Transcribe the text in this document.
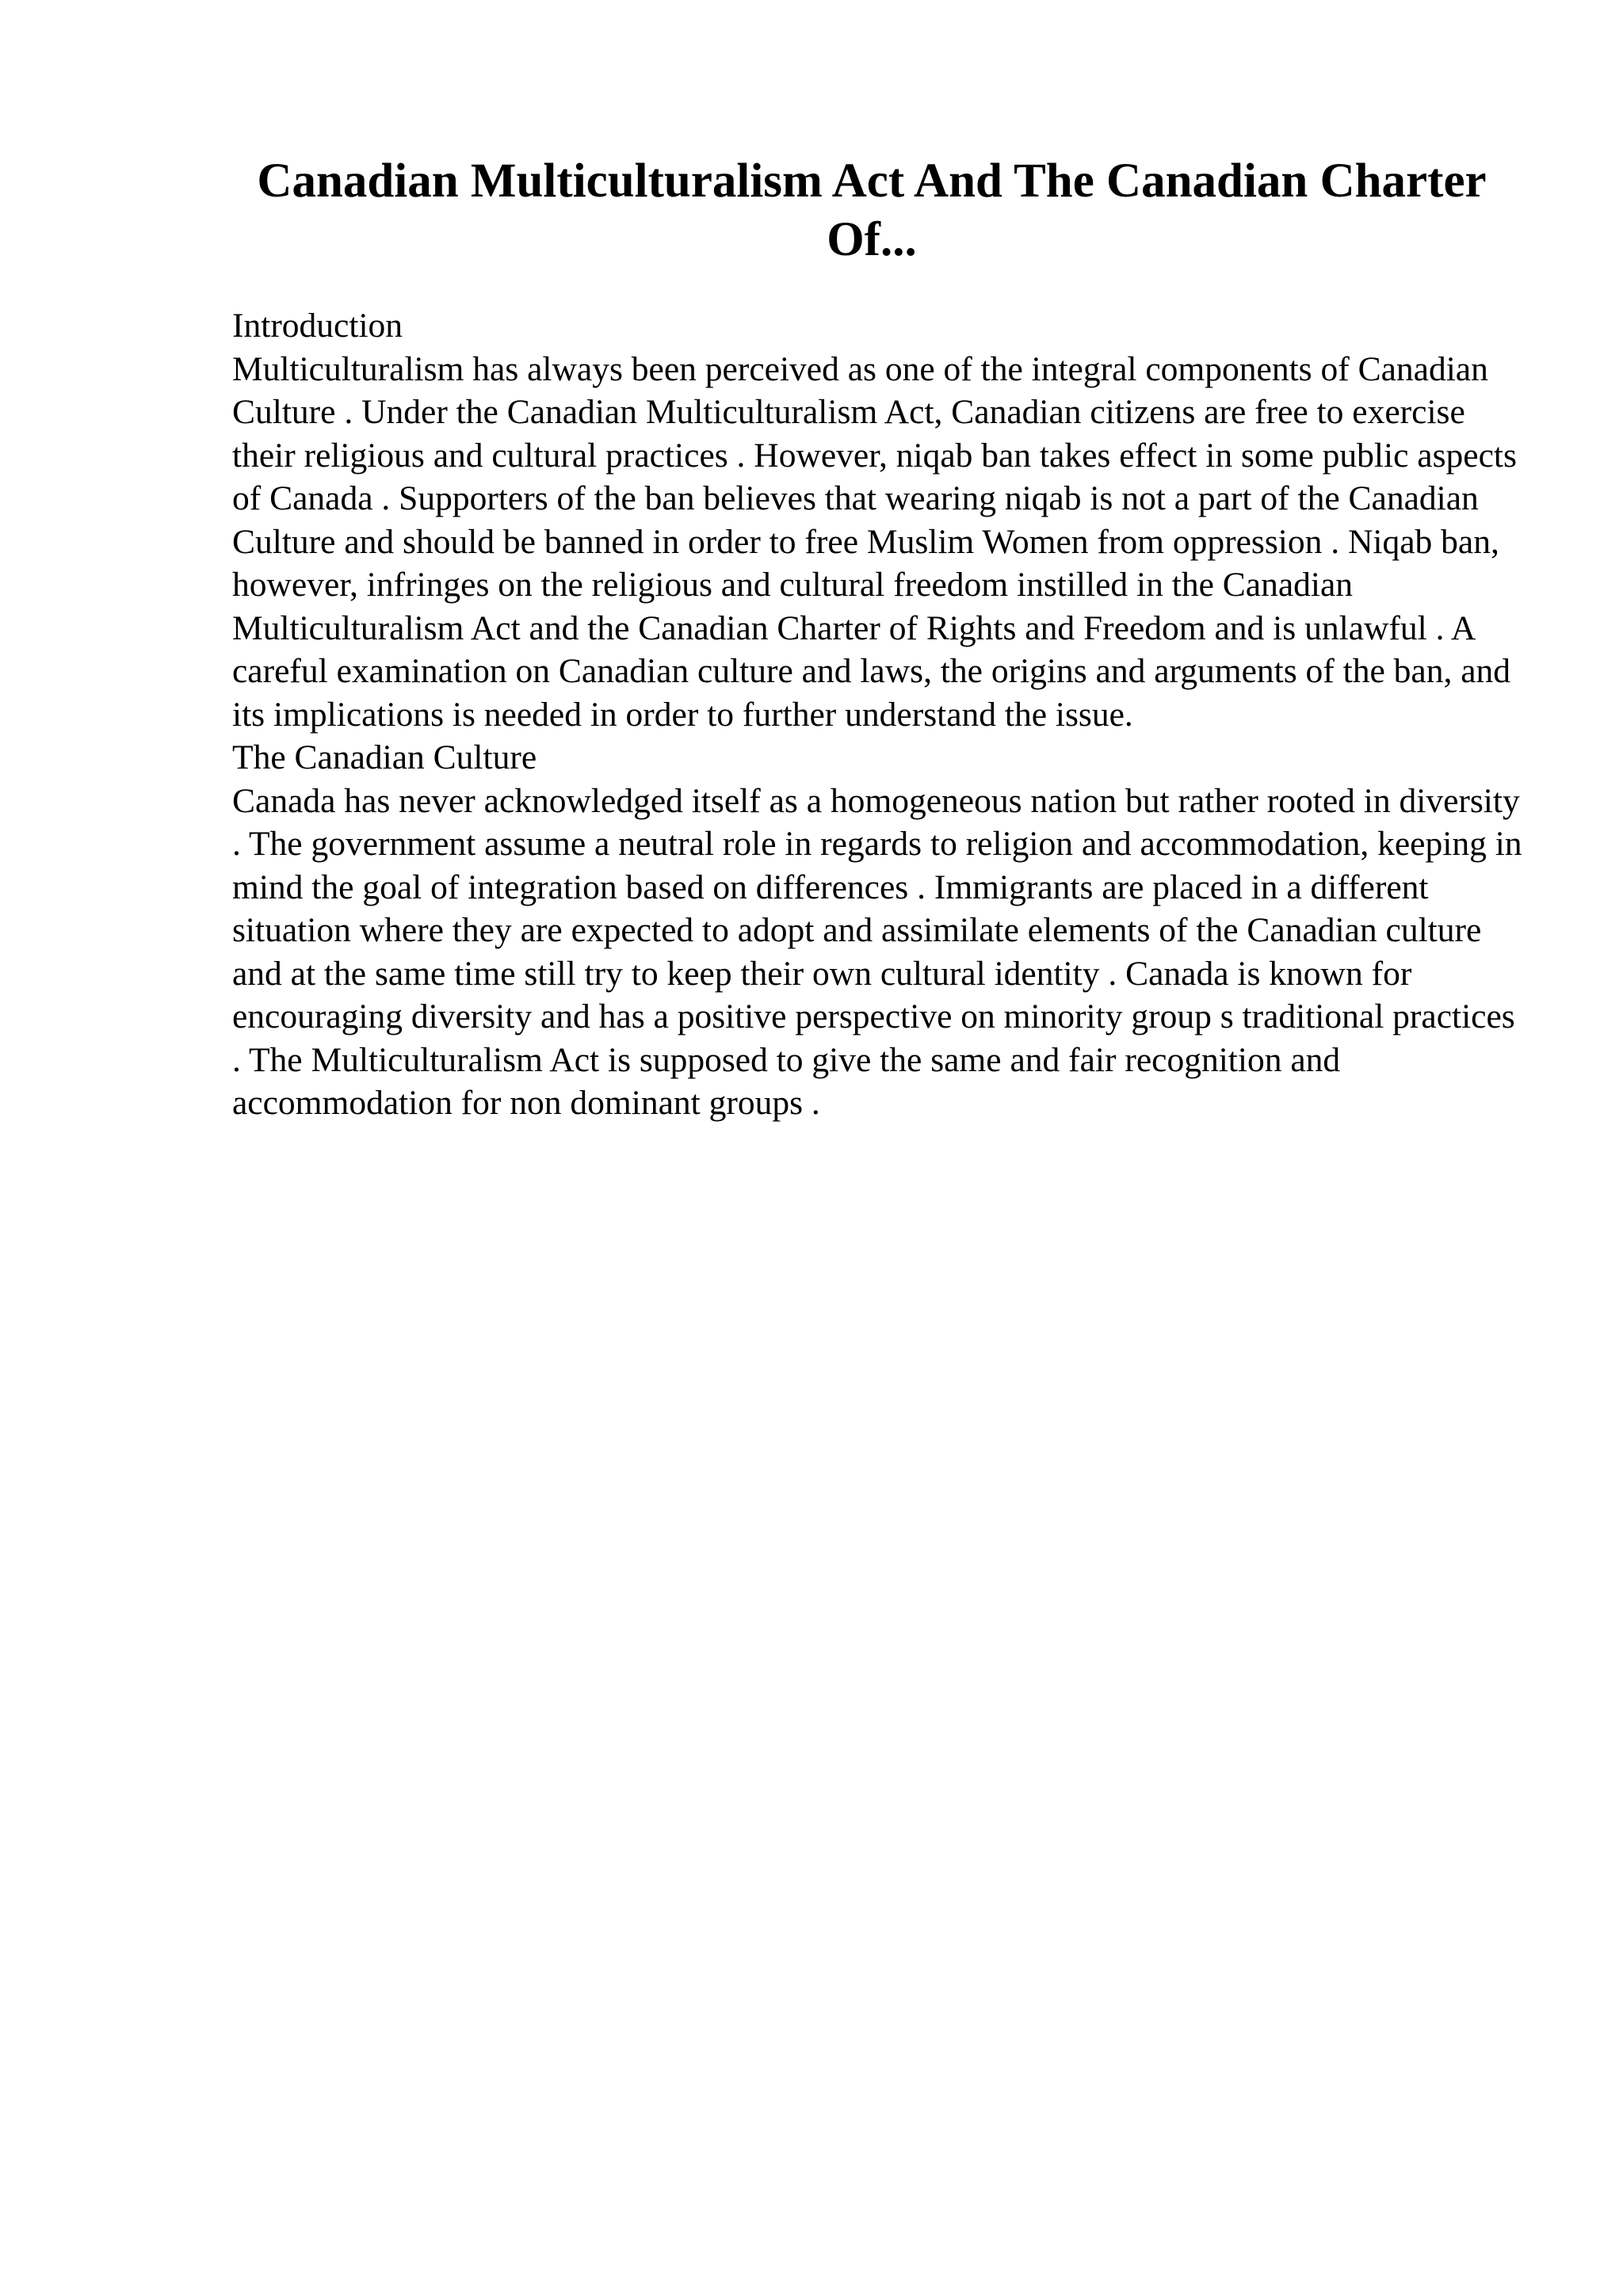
Canadian Multiculturalism Act And The Canadian Charter Of...
Introduction

Multiculturalism has always been perceived as one of the integral components of Canadian Culture . Under the Canadian Multiculturalism Act, Canadian citizens are free to exercise their religious and cultural practices . However, niqab ban takes effect in some public aspects of Canada . Supporters of the ban believes that wearing niqab is not a part of the Canadian Culture and should be banned in order to free Muslim Women from oppression . Niqab ban, however, infringes on the religious and cultural freedom instilled in the Canadian Multiculturalism Act and the Canadian Charter of Rights and Freedom and is unlawful . A careful examination on Canadian culture and laws, the origins and arguments of the ban, and its implications is needed in order to further understand the issue.

The Canadian Culture

Canada has never acknowledged itself as a homogeneous nation but rather rooted in diversity . The government assume a neutral role in regards to religion and accommodation, keeping in mind the goal of integration based on differences . Immigrants are placed in a different situation where they are expected to adopt and assimilate elements of the Canadian culture and at the same time still try to keep their own cultural identity . Canada is known for encouraging diversity and has a positive perspective on minority group s traditional practices . The Multiculturalism Act is supposed to give the same and fair recognition and accommodation for non dominant groups .
